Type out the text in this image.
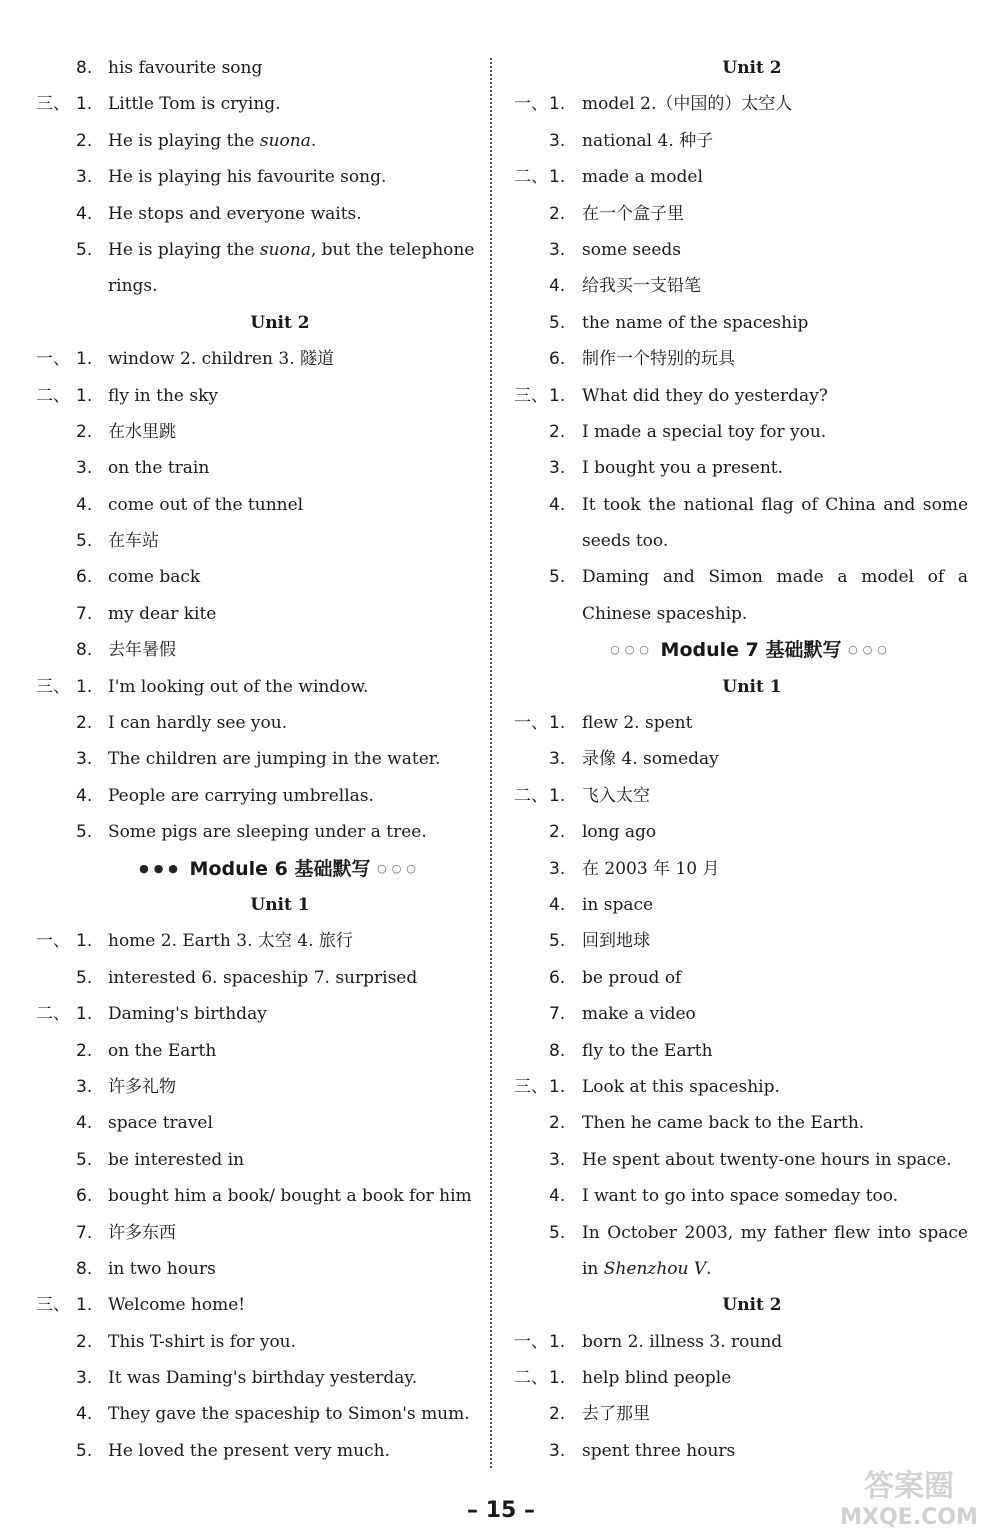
8. his favourite song
三、 1. Little Tom is crying.
2. He is playing the suona.
3. He is playing his favourite song.
4. He stops and everyone waits.
5. He is playing the suona, but the telephone
rings.
Unit 2
一、 1. window 2. children 3. 隧道
二、 1. fly in the sky
2. 在水里跳
3. on the train
4. come out of the tunnel
5. 在车站
6. come back
7. my dear kite
8. 去年暑假
三、 1. I'm looking out of the window.
2. I can hardly see you.
3. The children are jumping in the water.
4. People are carrying umbrellas.
5. Some pigs are sleeping under a tree.
●●● Module 6 基础默写 ○○○
Unit 1
一、 1. home 2. Earth 3. 太空 4. 旅行
5. interested 6. spaceship 7. surprised
二、 1. Daming's birthday
2. on the Earth
3. 许多礼物
4. space travel
5. be interested in
6. bought him a book/ bought a book for him
7. 许多东西
8. in two hours
三、 1. Welcome home!
2. This T-shirt is for you.
3. It was Daming's birthday yesterday.
4. They gave the spaceship to Simon's mum.
5. He loved the present very much.
Unit 2
一、 1. model 2.（中国的）太空人
3. national 4. 种子
二、 1. made a model
2. 在一个盒子里
3. some seeds
4. 给我买一支铅笔
5. the name of the spaceship
6. 制作一个特别的玩具
三、 1. What did they do yesterday?
2. I made a special toy for you.
3. I bought you a present.
4. It took the national flag of China and some
seeds too.
5. Daming and Simon made a model of a
Chinese spaceship.
○○○ Module 7 基础默写 ○○○
Unit 1
一、 1. flew 2. spent
3. 录像 4. someday
二、 1. 飞入太空
2. long ago
3. 在 2003 年 10 月
4. in space
5. 回到地球
6. be proud of
7. make a video
8. fly to the Earth
三、 1. Look at this spaceship.
2. Then he came back to the Earth.
3. He spent about twenty-one hours in space.
4. I want to go into space someday too.
5. In October 2003, my father flew into space
in Shenzhou V.
Unit 2
一、 1. born 2. illness 3. round
二、 1. help blind people
2. 去了那里
3. spent three hours
– 15 –
答案圈
MXQE.COM
